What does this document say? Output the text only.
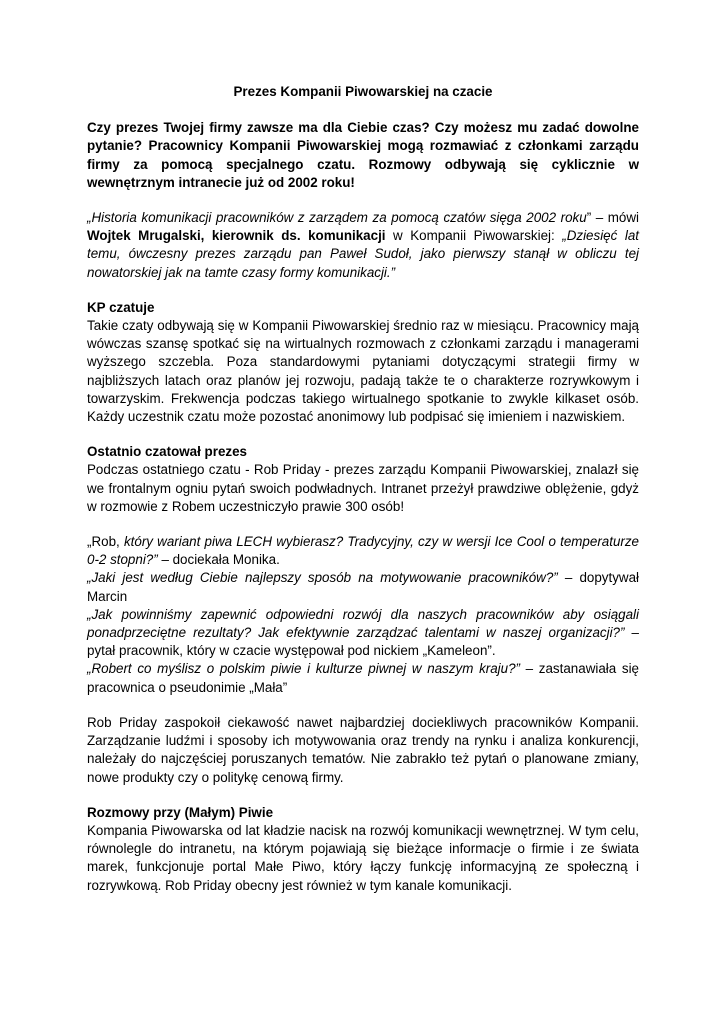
Prezes Kompanii Piwowarskiej na czacie

Czy prezes Twojej firmy zawsze ma dla Ciebie czas? Czy możesz mu zadać dowolne pytanie? Pracownicy Kompanii Piwowarskiej mogą rozmawiać z członkami zarządu firmy za pomocą specjalnego czatu. Rozmowy odbywają się cyklicznie w wewnętrznym intranecie już od 2002 roku!

„Historia komunikacji pracowników z zarządem za pomocą czatów sięga 2002 roku” – mówi Wojtek Mrugalski, kierownik ds. komunikacji w Kompanii Piwowarskiej: „Dziesięć lat temu, ówczesny prezes zarządu pan Paweł Sudoł, jako pierwszy stanął w obliczu tej nowatorskiej jak na tamte czasy formy komunikacji.”

KP czatuje

Takie czaty odbywają się w Kompanii Piwowarskiej średnio raz w miesiącu. Pracownicy mają wówczas szansę spotkać się na wirtualnych rozmowach z członkami zarządu i managerami wyższego szczebla. Poza standardowymi pytaniami dotyczącymi strategii firmy w najbliższych latach oraz planów jej rozwoju, padają także te o charakterze rozrywkowym i towarzyskim. Frekwencja podczas takiego wirtualnego spotkanie to zwykle kilkaset osób. Każdy uczestnik czatu może pozostać anonimowy lub podpisać się imieniem i nazwiskiem.

Ostatnio czatował prezes

Podczas ostatniego czatu - Rob Priday - prezes zarządu Kompanii Piwowarskiej, znalazł się we frontalnym ogniu pytań swoich podwładnych. Intranet przeżył prawdziwe oblężenie, gdyż w rozmowie z Robem uczestniczyło prawie 300 osób!

„Rob, który wariant piwa LECH wybierasz? Tradycyjny, czy w wersji Ice Cool o temperaturze 0-2 stopni?” – dociekała Monika.

„Jaki jest według Ciebie najlepszy sposób na motywowanie pracowników?” – dopytywał Marcin

„Jak powinniśmy zapewnić odpowiedni rozwój dla naszych pracowników aby osiągali ponadprzeciętne rezultaty? Jak efektywnie zarządzać talentami w naszej organizacji?” – pytał pracownik, który w czacie występował pod nickiem „Kameleon”.

„Robert co myślisz o polskim piwie i kulturze piwnej w naszym kraju?” – zastanawiała się pracownica o pseudonimie „Mała”

Rob Priday zaspokoił ciekawość nawet najbardziej dociekliwych pracowników Kompanii. Zarządzanie ludźmi i sposoby ich motywowania oraz trendy na rynku i analiza konkurencji, należały do najczęściej poruszanych tematów. Nie zabrakło też pytań o planowane zmiany, nowe produkty czy o politykę cenową firmy.

Rozmowy przy (Małym) Piwie

Kompania Piwowarska od lat kładzie nacisk na rozwój komunikacji wewnętrznej. W tym celu, równolegle do intranetu, na którym pojawiają się bieżące informacje o firmie i ze świata marek, funkcjonuje portal Małe Piwo, który łączy funkcję informacyjną ze społeczną i rozrywkową. Rob Priday obecny jest również w tym kanale komunikacji.
